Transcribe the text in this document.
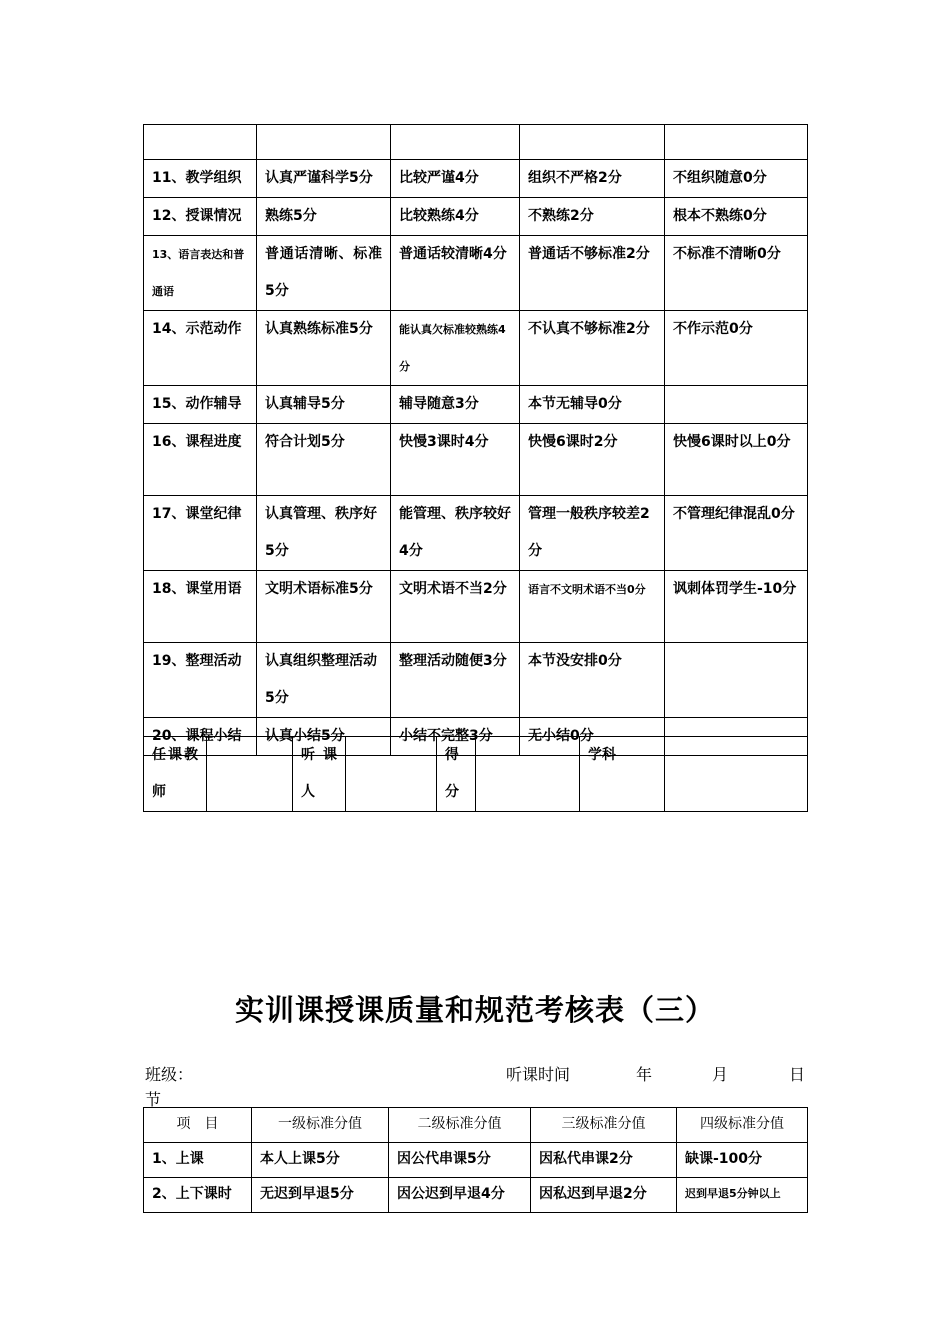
11、教学组织	认真严谨科学5分	比较严谨4分	组织不严格2分	不组织随意0分
12、授课情况	熟练5分	比较熟练4分	不熟练2分	根本不熟练0分
13、语言表达和普通语	普通话清晰、标准5分	普通话较清晰4分	普通话不够标准2分	不标准不清晰0分
14、示范动作	认真熟练标准5分	能认真欠标准较熟练4分	不认真不够标准2分	不作示范0分
15、动作辅导	认真辅导5分	辅导随意3分	本节无辅导0分	
16、课程进度	符合计划5分	快慢3课时4分	快慢6课时2分	快慢6课时以上0分
17、课堂纪律	认真管理、秩序好5分	能管理、秩序较好4分	管理一般秩序较差2分	不管理纪律混乱0分
18、课堂用语	文明术语标准5分	文明术语不当2分	语言不文明术语不当0分	讽刺体罚学生-10分
19、整理活动	认真组织整理活动5分	整理活动随便3分	本节没安排0分	
20、课程小结	认真小结5分	小结不完整3分	无小结0分	
任课教师		听课人		得分		学科	
实训课授课质量和规范考核表（三）
班级：	听课时间	年	月	日
节
项　目	一级标准分值	二级标准分值	三级标准分值	四级标准分值
1、上课	本人上课5分	因公代串课5分	因私代串课2分	缺课-100分
2、上下课时	无迟到早退5分	因公迟到早退4分	因私迟到早退2分	迟到早退5分钟以上
